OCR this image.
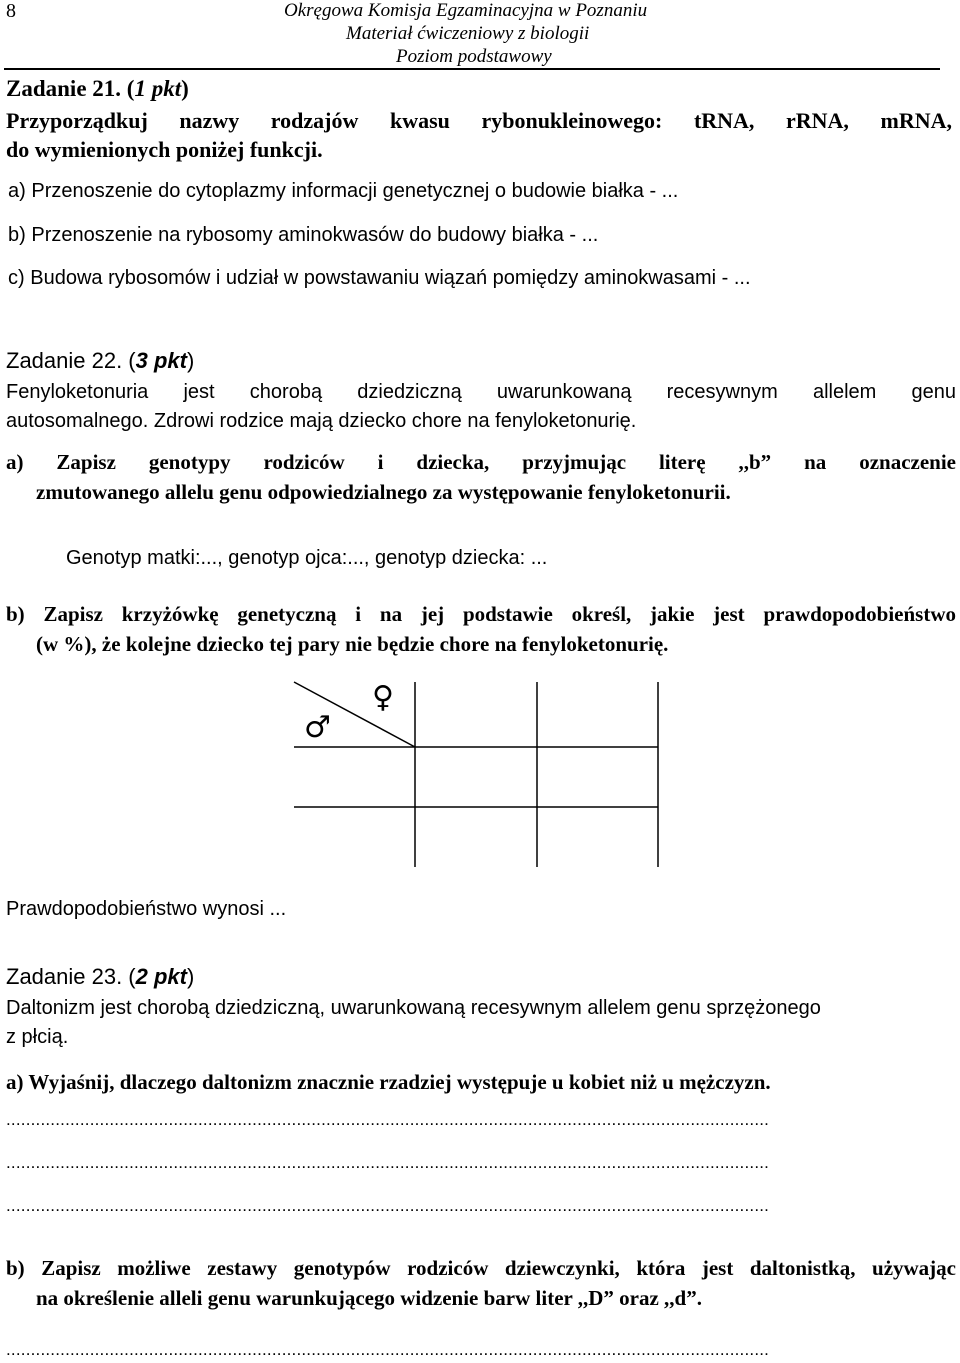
8	Okręgowa Komisja Egzaminacyjna w Poznaniu
Materiał ćwiczeniowy z biologii
Poziom podstawowy
Zadanie 21. (1 pkt)
Przyporządkuj nazwy rodzajów kwasu rybonukleinowego: tRNA, rRNA, mRNA,
do wymienionych poniżej funkcji.
a) Przenoszenie do cytoplazmy informacji genetycznej o budowie białka - ...
b) Przenoszenie na rybosomy aminokwasów do budowy białka - ...
c) Budowa rybosomów i udział w powstawaniu wiązań pomiędzy aminokwasami - ...
Zadanie 22. (3 pkt)
Fenyloketonuria jest chorobą dziedziczną uwarunkowaną recesywnym allelem genu
autosomalnego. Zdrowi rodzice mają dziecko chore na fenyloketonurię.
a) Zapisz genotypy rodziców i dziecka, przyjmując literę ,,b” na oznaczenie
zmutowanego allelu genu odpowiedzialnego za występowanie fenyloketonurii.
Genotyp matki:..., genotyp ojca:..., genotyp dziecka: ...
b) Zapisz krzyżówkę genetyczną i na jej podstawie określ, jakie jest prawdopodobieństwo
(w %), że kolejne dziecko tej pary nie będzie chore na fenyloketonurię.
♀
♂
Prawdopodobieństwo wynosi ...
Zadanie 23. (2 pkt)
Daltonizm jest chorobą dziedziczną, uwarunkowaną recesywnym allelem genu sprzężonego
z płcią.
a) Wyjaśnij, dlaczego daltonizm znacznie rzadziej występuje u kobiet niż u mężczyzn.
...........................................................................................................................................................
...........................................................................................................................................................
...........................................................................................................................................................
b) Zapisz możliwe zestawy genotypów rodziców dziewczynki, która jest daltonistką, używając
na określenie alleli genu warunkującego widzenie barw liter ,,D” oraz ,,d”.
...........................................................................................................................................................
